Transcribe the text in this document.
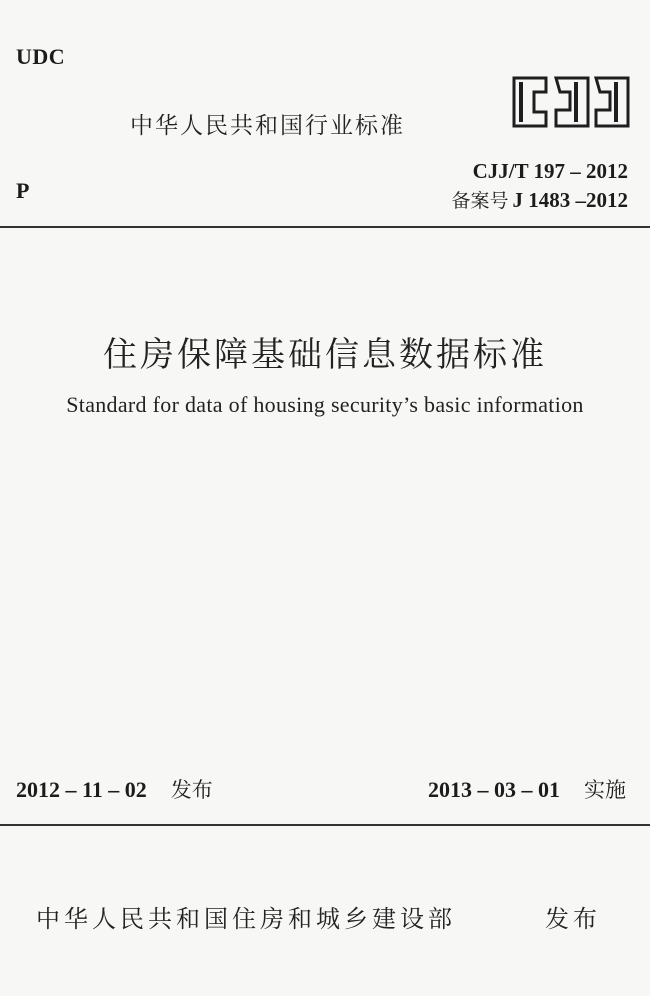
UDC
中华人民共和国行业标准
P
CJJ/T 197 – 2012
备案号 J 1483 –2012
住房保障基础信息数据标准
Standard for data of housing security’s basic information
2012 – 11 – 02 发布	2013 – 03 – 01 实施
中华人民共和国住房和城乡建设部	发布
